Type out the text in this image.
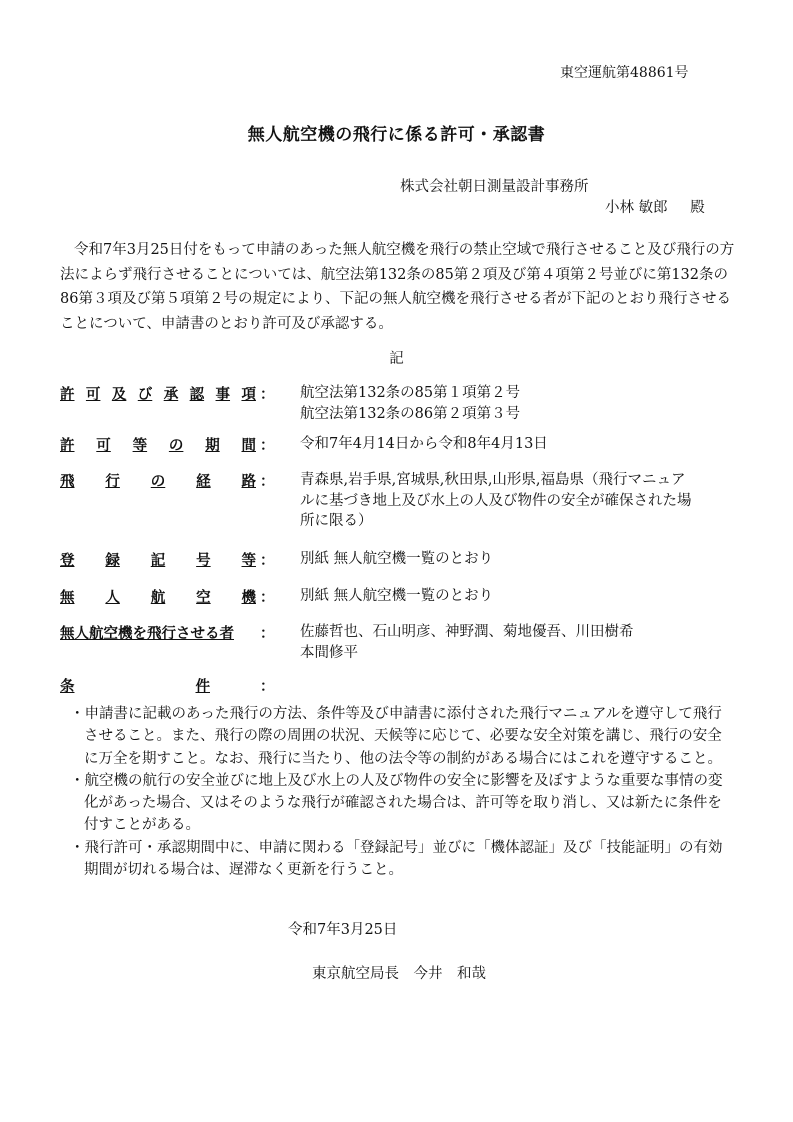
東空運航第48861号
無人航空機の飛行に係る許可・承認書
株式会社朝日測量設計事務所
小林 敏郎 殿
令和7年3月25日付をもって申請のあった無人航空機を飛行の禁止空域で飛行させること及び飛行の方法によらず飛行させることについては、航空法第132条の85第２項及び第４項第２号並びに第132条の86第３項及び第５項第２号の規定により、下記の無人航空機を飛行させる者が下記のとおり飛行させることについて、申請書のとおり許可及び承認する。
記
許 可 及 び 承 認 事 項 ： 航空法第132条の85第１項第２号
航空法第132条の86第２項第３号
許 可 等 の 期 間 ： 令和7年4月14日から令和8年4月13日
飛 行 の 経 路 ： 青森県,岩手県,宮城県,秋田県,山形県,福島県（飛行マニュア
ルに基づき地上及び水上の人及び物件の安全が確保された場
所に限る）
登 録 記 号 等 ： 別紙 無人航空機一覧のとおり
無 人 航 空 機 ： 別紙 無人航空機一覧のとおり
無人航空機を飛行させる者 ： 佐藤哲也、石山明彦、神野潤、菊地優吾、川田樹希
本間修平
条	件	：
・申請書に記載のあった飛行の方法、条件等及び申請書に添付された飛行マニュアルを遵守して飛行させること。また、飛行の際の周囲の状況、天候等に応じて、必要な安全対策を講じ、飛行の安全に万全を期すこと。なお、飛行に当たり、他の法令等の制約がある場合にはこれを遵守すること。
・航空機の航行の安全並びに地上及び水上の人及び物件の安全に影響を及ぼすような重要な事情の変化があった場合、又はそのような飛行が確認された場合は、許可等を取り消し、又は新たに条件を付すことがある。
・飛行許可・承認期間中に、申請に関わる「登録記号」並びに「機体認証」及び「技能証明」の有効期間が切れる場合は、遅滞なく更新を行うこと。
令和7年3月25日
東京航空局長　今井　和哉
